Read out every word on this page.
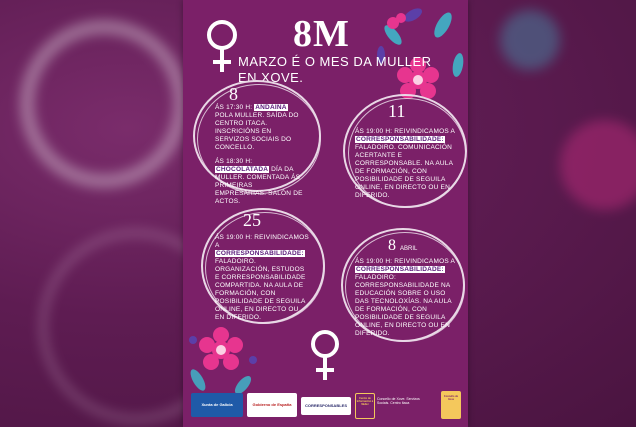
8M
MARZO É O MES DA MULLER EN XOVE.
8
ÁS 17:30 H: ANDAINA POLA MULLER. SAÍDA DO CENTRO ITACA. INSCRICIÓNS EN SERVIZOS SOCIAIS DO CONCELLO.
ÁS 18:30 H: CHOCOLATADA DÍA DA MULLER. COMENTADA ÁS PRIMEIRAS EMPRESARIAS. SALÓN DE ACTOS.
11
ÁS 19:00 H: REIVINDICAMOS A CORRESPONSABILIDADE: FALADOIRO. COMUNICACIÓN ACERTANTE E CORRESPONSABLE. NA AULA DE FORMACIÓN, CON POSIBILIDADE DE SEGUILA ONLINE, EN DIRECTO OU EN DIFERIDO.
25
ÁS 19:00 H: REIVINDICAMOS A CORRESPONSABILIDADE: FALADOIRO. ORGANIZACIÓN, ESTUDOS E CORRESPONSABILIDADE COMPARTIDA. NA AULA DE FORMACIÓN, CON POSIBILIDADE DE SEGUILA ONLINE, EN DIRECTO OU EN DIFERIDO.
8 ABRIL
ÁS 19:00 H: REIVINDICAMOS A CORRESPONSABILIDADE: FALADOIRO: CORRESPONSABILIDADE NA EDUCACIÓN SOBRE O USO DAS TECNOLOXÍAS. NA AULA DE FORMACIÓN, CON POSIBILIDADE DE SEGUILA ONLINE, EN DIRECTO OU EN DIFERIDO.
Xunta de Galicia	Gobierno de España	CORRESPONSABLES
Centro de Información á Muller
Concello de Xove. Servizos Sociais. Centro Itaca
Concello de Xove
